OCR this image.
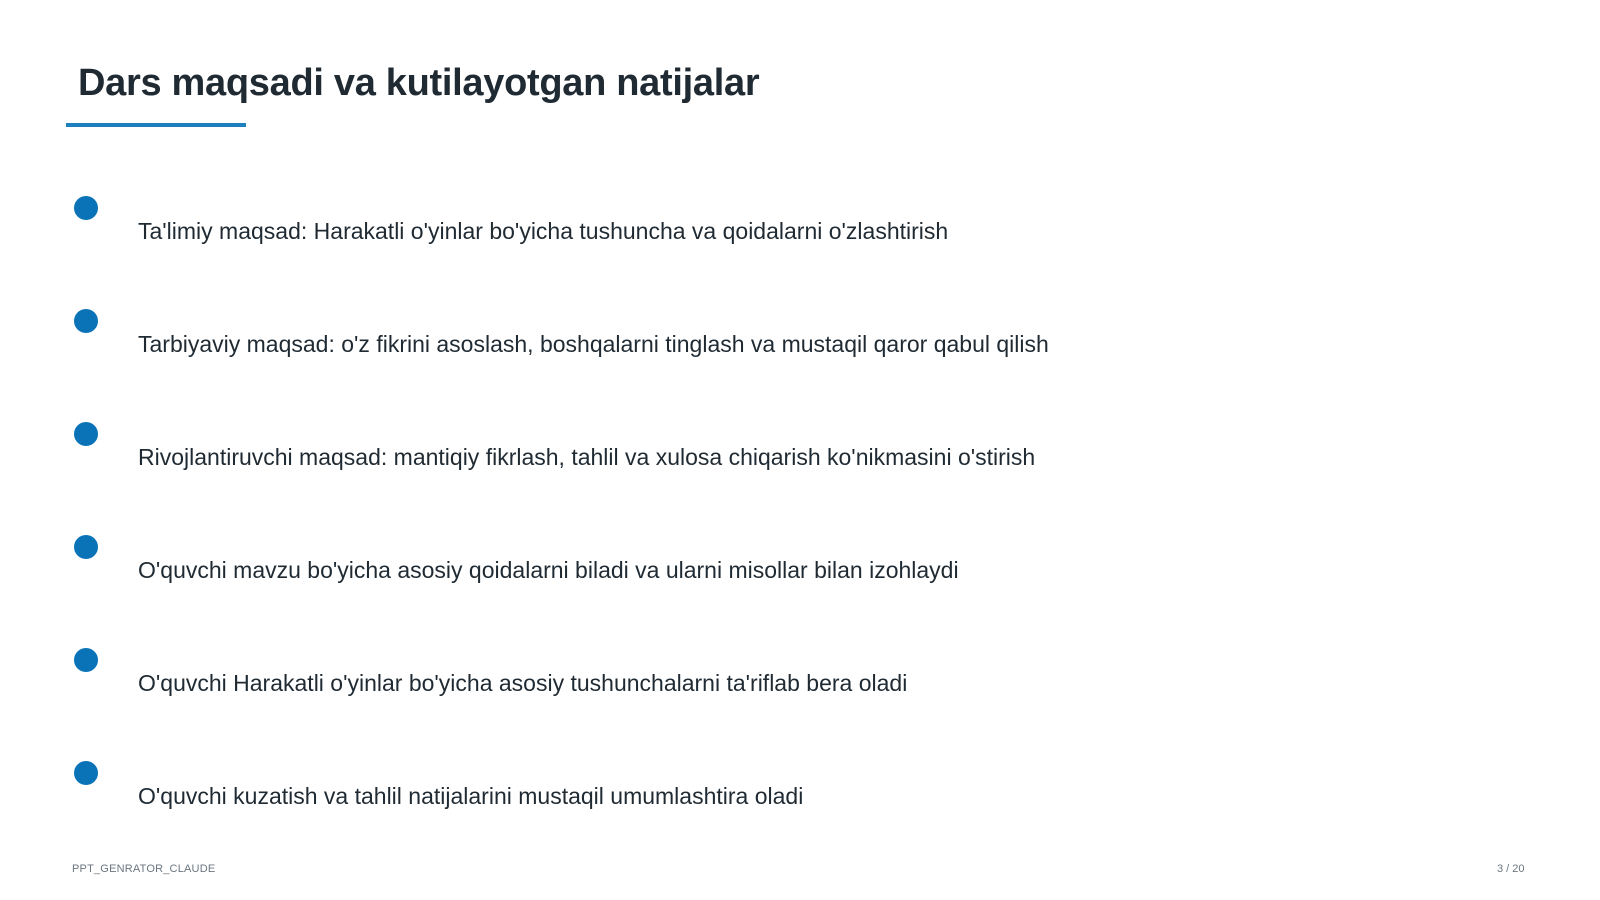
Dars maqsadi va kutilayotgan natijalar
Ta'limiy maqsad: Harakatli o'yinlar bo'yicha tushuncha va qoidalarni o'zlashtirish
Tarbiyaviy maqsad: o'z fikrini asoslash, boshqalarni tinglash va mustaqil qaror qabul qilish
Rivojlantiruvchi maqsad: mantiqiy fikrlash, tahlil va xulosa chiqarish ko'nikmasini o'stirish
O'quvchi mavzu bo'yicha asosiy qoidalarni biladi va ularni misollar bilan izohlaydi
O'quvchi Harakatli o'yinlar bo'yicha asosiy tushunchalarni ta'riflab bera oladi
O'quvchi kuzatish va tahlil natijalarini mustaqil umumlashtira oladi
PPT_GENRATOR_CLAUDE	3 / 20
